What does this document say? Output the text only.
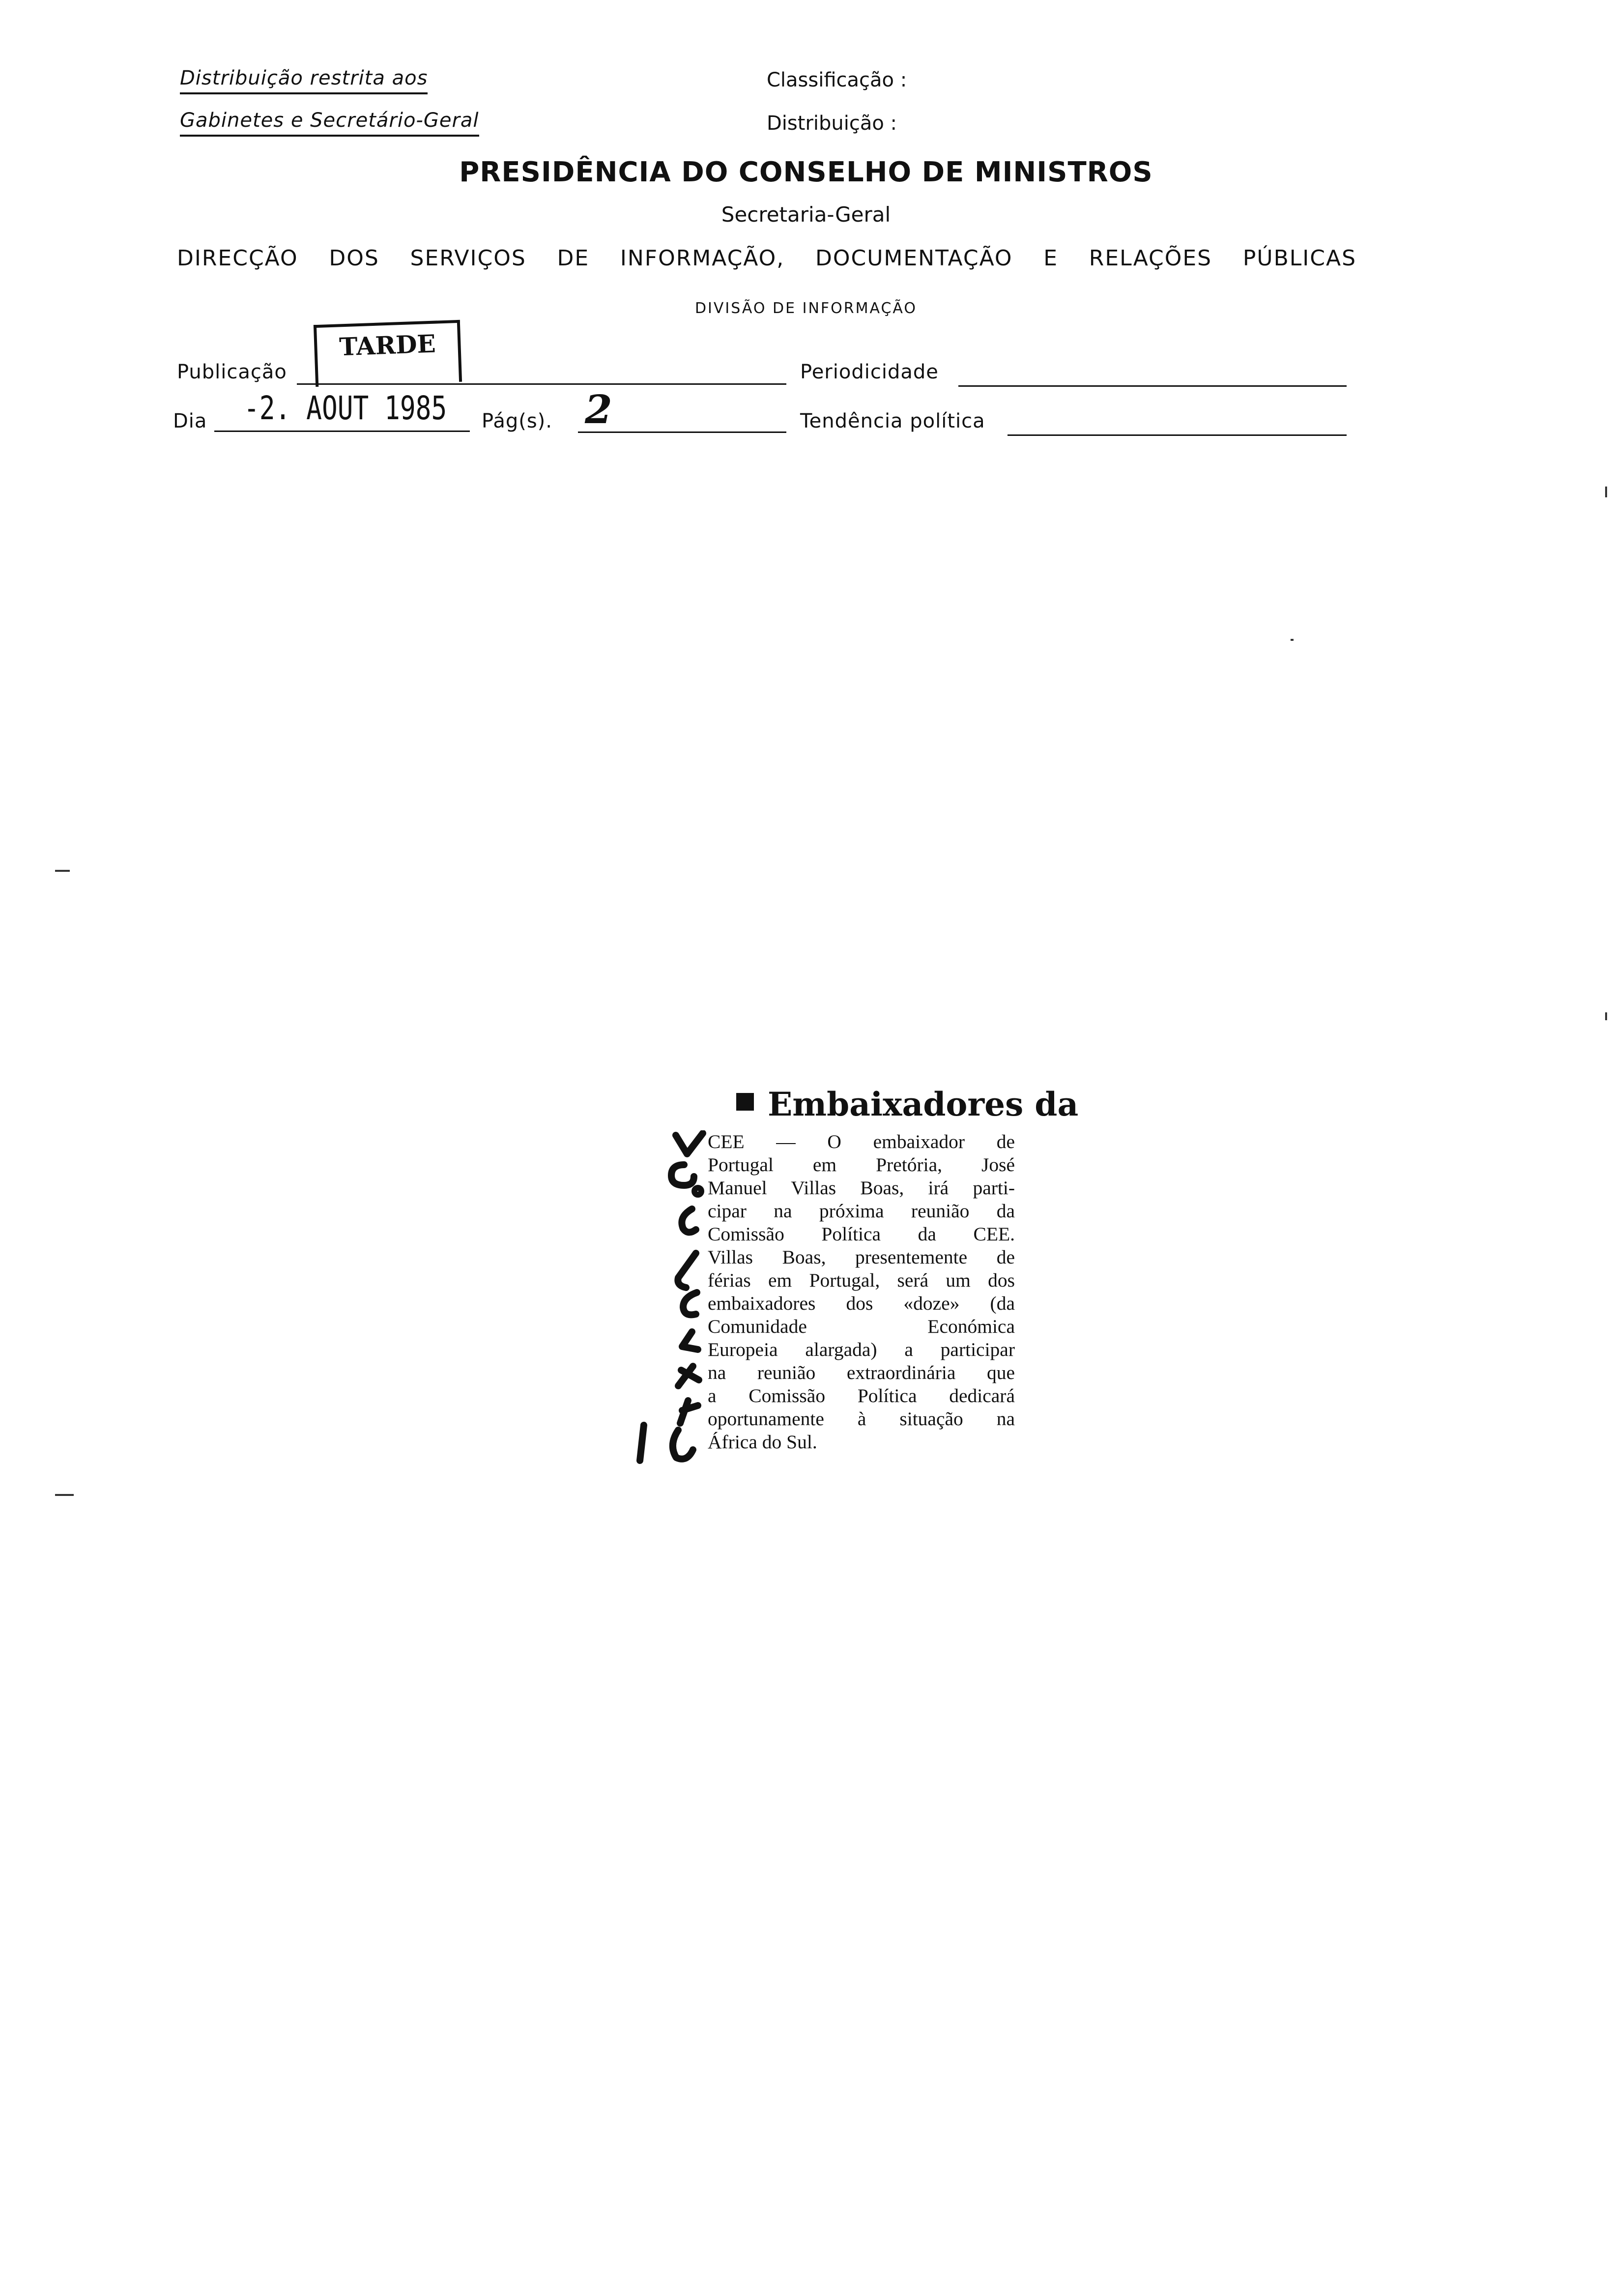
Distribuição restrita aos
Gabinetes e Secretário-Geral
Classificação :
Distribuição :
PRESIDÊNCIA DO CONSELHO DE MINISTROS
Secretaria-Geral
DIRECÇÃO DOS SERVIÇOS DE INFORMAÇÃO, DOCUMENTAÇÃO E RELAÇÕES PÚBLICAS
DIVISÃO DE INFORMAÇÃO
Publicação
TARDE
Periodicidade
Dia -2. AOUT 1985 Pág(s). 2	Tendência política
Embaixadores da
CEE — O embaixador de
Portugal em Pretória, José
Manuel Villas Boas, irá parti-
cipar na próxima reunião da
Comissão Política da CEE.
Villas Boas, presentemente de
férias em Portugal, será um dos
embaixadores dos «doze» (da
Comunidade Económica
Europeia alargada) a participar
na reunião extraordinária que
a Comissão Política dedicará
oportunamente à situação na
África do Sul.
